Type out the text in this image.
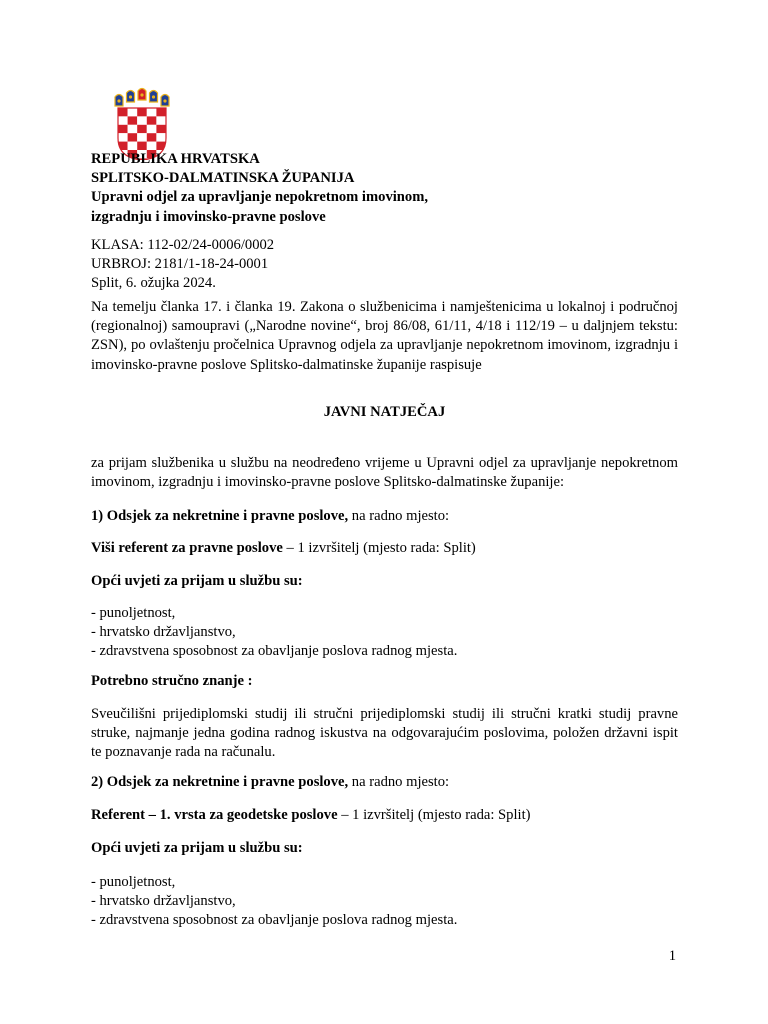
REPUBLIKA HRVATSKA
SPLITSKO-DALMATINSKA ŽUPANIJA
Upravni odjel za upravljanje nepokretnom imovinom,
izgradnju i imovinsko-pravne poslove
KLASA: 112-02/24-0006/0002
URBROJ: 2181/1-18-24-0001
Split, 6. ožujka 2024.
Na temelju članka 17. i članka 19. Zakona o službenicima i namještenicima u lokalnoj i područnoj (regionalnoj) samoupravi („Narodne novine“, broj 86/08, 61/11, 4/18 i 112/19 – u daljnjem tekstu: ZSN), po ovlaštenju pročelnica Upravnog odjela za upravljanje nepokretnom imovinom, izgradnju i imovinsko-pravne poslove Splitsko-dalmatinske županije raspisuje
JAVNI NATJEČAJ
za prijam službenika u službu na neodređeno vrijeme u Upravni odjel za upravljanje nepokretnom imovinom, izgradnju i imovinsko-pravne poslove Splitsko-dalmatinske županije:
1) Odsjek za nekretnine i pravne poslove, na radno mjesto:
Viši referent za pravne poslove – 1 izvršitelj (mjesto rada: Split)
Opći uvjeti za prijam u službu su:
- punoljetnost,
- hrvatsko državljanstvo,
- zdravstvena sposobnost za obavljanje poslova radnog mjesta.
Potrebno stručno znanje :
Sveučilišni prijediplomski studij ili stručni prijediplomski studij ili stručni kratki studij pravne struke, najmanje jedna godina radnog iskustva na odgovarajućim poslovima, položen državni ispit te poznavanje rada na računalu.
2) Odsjek za nekretnine i pravne poslove, na radno mjesto:
Referent – 1. vrsta za geodetske poslove – 1 izvršitelj (mjesto rada: Split)
Opći uvjeti za prijam u službu su:
- punoljetnost,
- hrvatsko državljanstvo,
- zdravstvena sposobnost za obavljanje poslova radnog mjesta.
1
